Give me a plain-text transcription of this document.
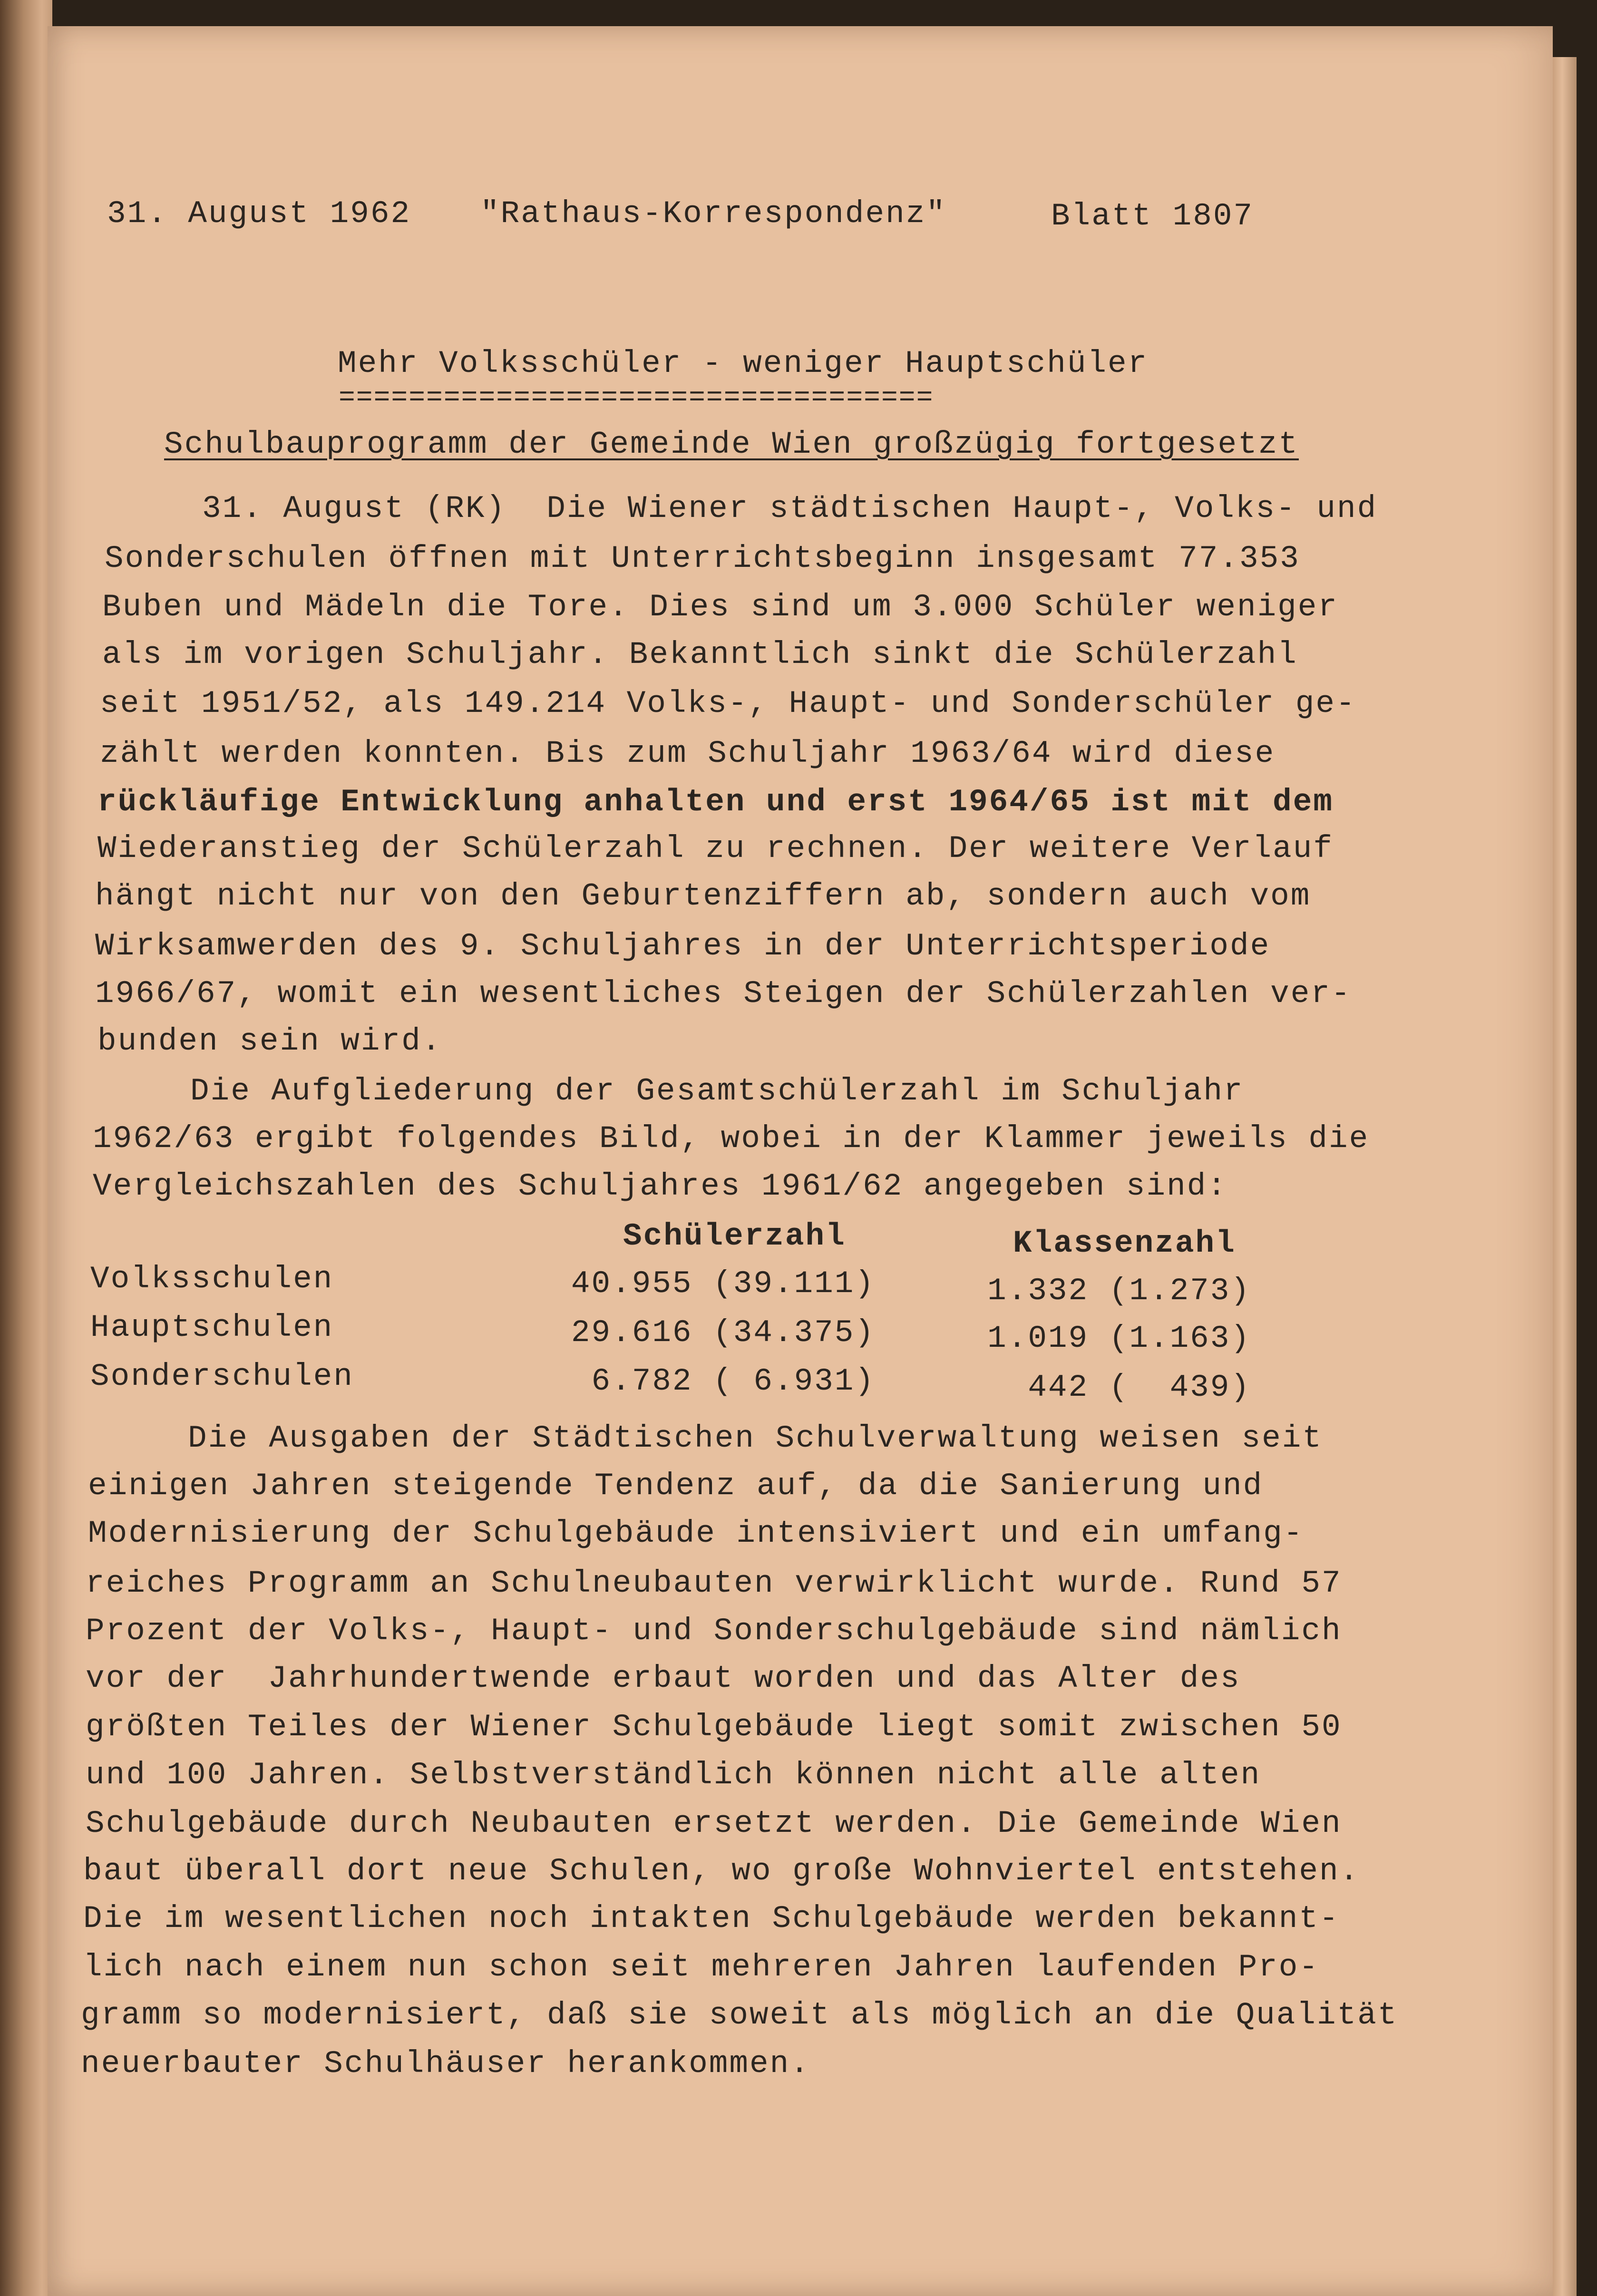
31. August 1962 "Rathaus-Korrespondenz"	Blatt 1807
Mehr Volksschüler - weniger Hauptschüler
==================================
Schulbauprogramm der Gemeinde Wien großzügig fortgesetzt
31. August (RK)  Die Wiener städtischen Haupt-, Volks- und
Sonderschulen öffnen mit Unterrichtsbeginn insgesamt 77.353
Buben und Mädeln die Tore. Dies sind um 3.000 Schüler weniger
als im vorigen Schuljahr. Bekanntlich sinkt die Schülerzahl
seit 1951/52, als 149.214 Volks-, Haupt- und Sonderschüler ge-
zählt werden konnten. Bis zum Schuljahr 1963/64 wird diese
rückläufige Entwicklung anhalten und erst 1964/65 ist mit dem
Wiederanstieg der Schülerzahl zu rechnen. Der weitere Verlauf
hängt nicht nur von den Geburtenziffern ab, sondern auch vom
Wirksamwerden des 9. Schuljahres in der Unterrichtsperiode
1966/67, womit ein wesentliches Steigen der Schülerzahlen ver-
bunden sein wird.
Die Aufgliederung der Gesamtschülerzahl im Schuljahr
1962/63 ergibt folgendes Bild, wobei in der Klammer jeweils die
Vergleichszahlen des Schuljahres 1961/62 angegeben sind:
Schülerzahl	Klassenzahl
Volksschulen	40.955 (39.111)	1.332 (1.273)
Hauptschulen	29.616 (34.375)	1.019 (1.163)
Sonderschulen	6.782 ( 6.931)	442 (  439)
Die Ausgaben der Städtischen Schulverwaltung weisen seit
einigen Jahren steigende Tendenz auf, da die Sanierung und
Modernisierung der Schulgebäude intensiviert und ein umfang-
reiches Programm an Schulneubauten verwirklicht wurde. Rund 57
Prozent der Volks-, Haupt- und Sonderschulgebäude sind nämlich
vor der  Jahrhundertwende erbaut worden und das Alter des
größten Teiles der Wiener Schulgebäude liegt somit zwischen 50
und 100 Jahren. Selbstverständlich können nicht alle alten
Schulgebäude durch Neubauten ersetzt werden. Die Gemeinde Wien
baut überall dort neue Schulen, wo große Wohnviertel entstehen.
Die im wesentlichen noch intakten Schulgebäude werden bekannt-
lich nach einem nun schon seit mehreren Jahren laufenden Pro-
gramm so modernisiert, daß sie soweit als möglich an die Qualität
neuerbauter Schulhäuser herankommen.
